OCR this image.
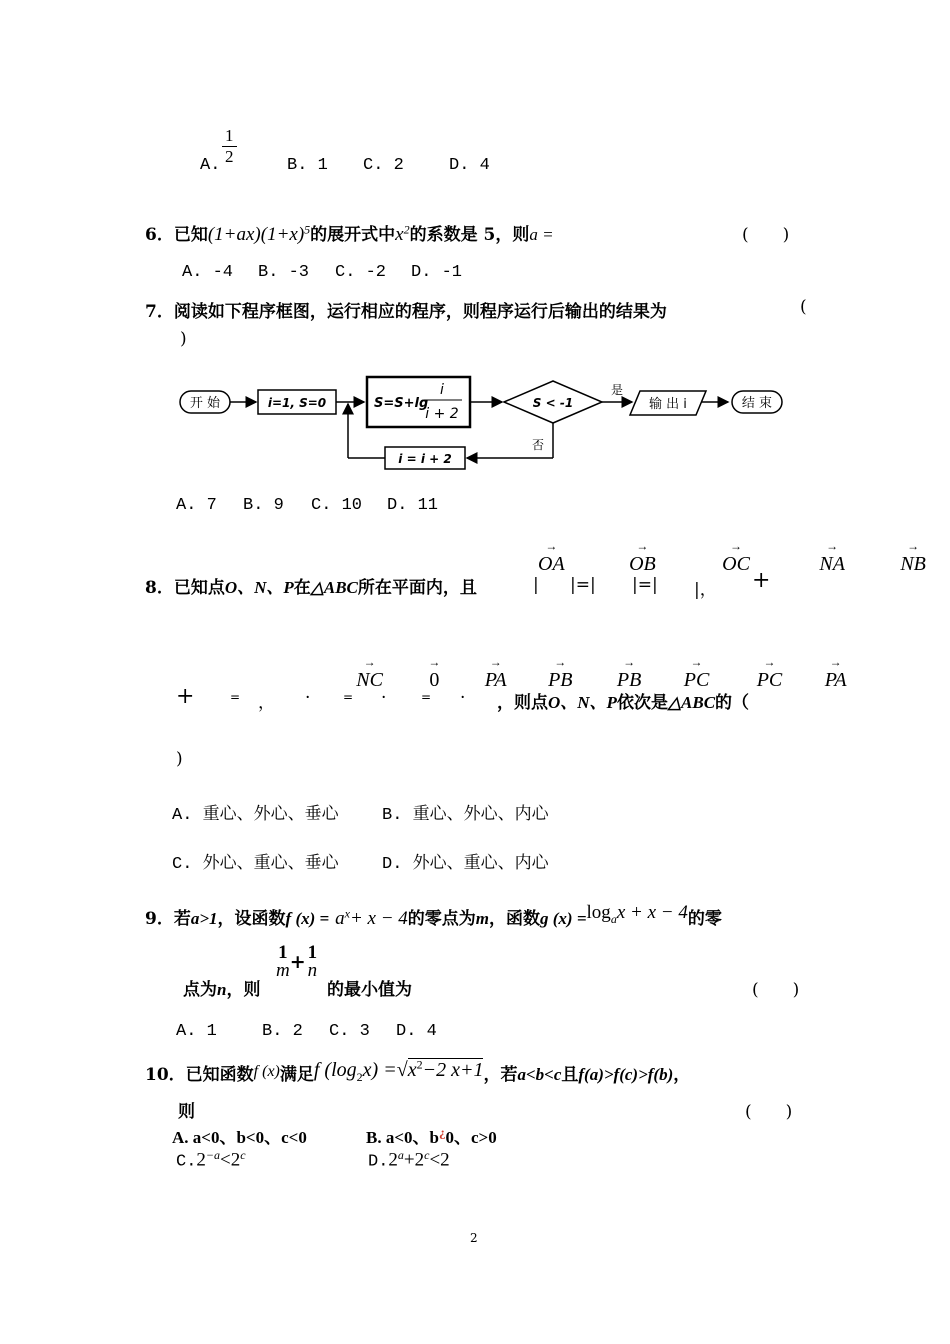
A.
1
2	B. 1 C. 2	D. 4
6．已知$(1+ax)(1+x)^5$的展开式中$x^2$的系数是 5，则a =	(　　)
A. -4 B. -3 C. -2 D. -1
7．阅读如下程序框图，运行相应的程序，则程序运行后输出的结果为	(
)
开 始	i=1, S=0	S=S+lg
i
i + 2
S < -1
是
输 出 i	结 束
否
i = i + 2
A. 7 B. 9 C. 10 D. 11
8．已知点O、N、P在△ABC所在平面内，且	|
→ OA
|=|
→ OB
|=|
→ OC
|，
→ NA
+
→ NB
+
→ NC
=
→ 0
，
→ PA
·
→ PB
=
→ PB
·
→ PC
=
→ PC
·
→ PA
，则点O、N、P依次是△ABC的（
)
A. 重心、外心、垂心	B. 重心、外心、内心
C. 外心、重心、垂心	D. 外心、重心、内心
9．若a>1，设函数f $(x) = a^x+ x - 4$的零点为m，函数g $(x) =\log_ax + x - 4$的零
点为n，则
1
m + 1
n
的最小值为	(　　)
A. 1	B. 2 C. 3 D. 4
10．已知函数f (x)满足f $(\log_2x) =√x^2-2$ x+1，若a<b<c且f(a)>f(c)>f(b)，
则	(　　)
A. a<0、b<0、c<0	B. a<0、b¿0、c>0
$C.2^{-a}<2^c$	$D.2^a+2^c<2$
2
